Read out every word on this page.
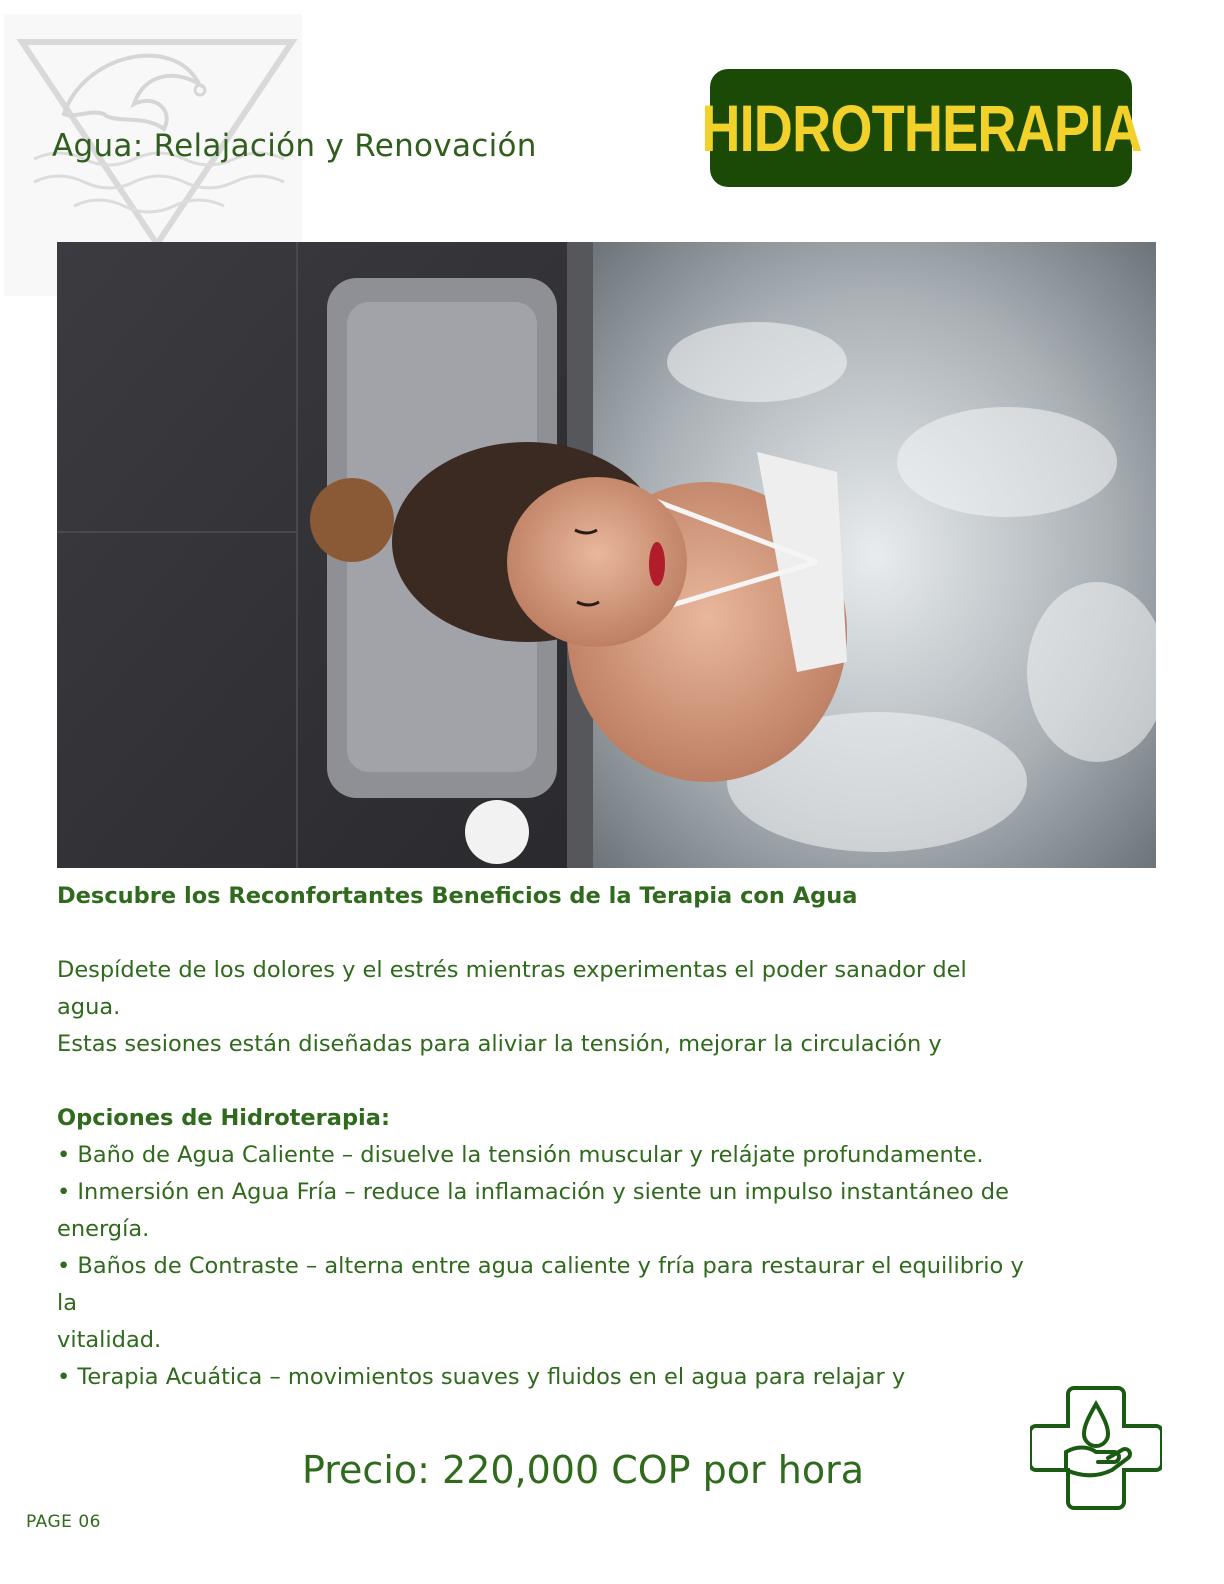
Agua: Relajación y Renovación HIDROTHERAPIA
Descubre los Reconfortantes Beneficios de la Terapia con Agua
Despídete de los dolores y el estrés mientras experimentas el poder sanador del
agua.
Estas sesiones están diseñadas para aliviar la tensión, mejorar la circulación y
Opciones de Hidroterapia:
• Baño de Agua Caliente – disuelve la tensión muscular y relájate profundamente.
• Inmersión en Agua Fría – reduce la inflamación y siente un impulso instantáneo de
energía.
• Baños de Contraste – alterna entre agua caliente y fría para restaurar el equilibrio y
la
vitalidad.
• Terapia Acuática – movimientos suaves y fluidos en el agua para relajar y
Precio: 220,000 COP por hora
PAGE 06
